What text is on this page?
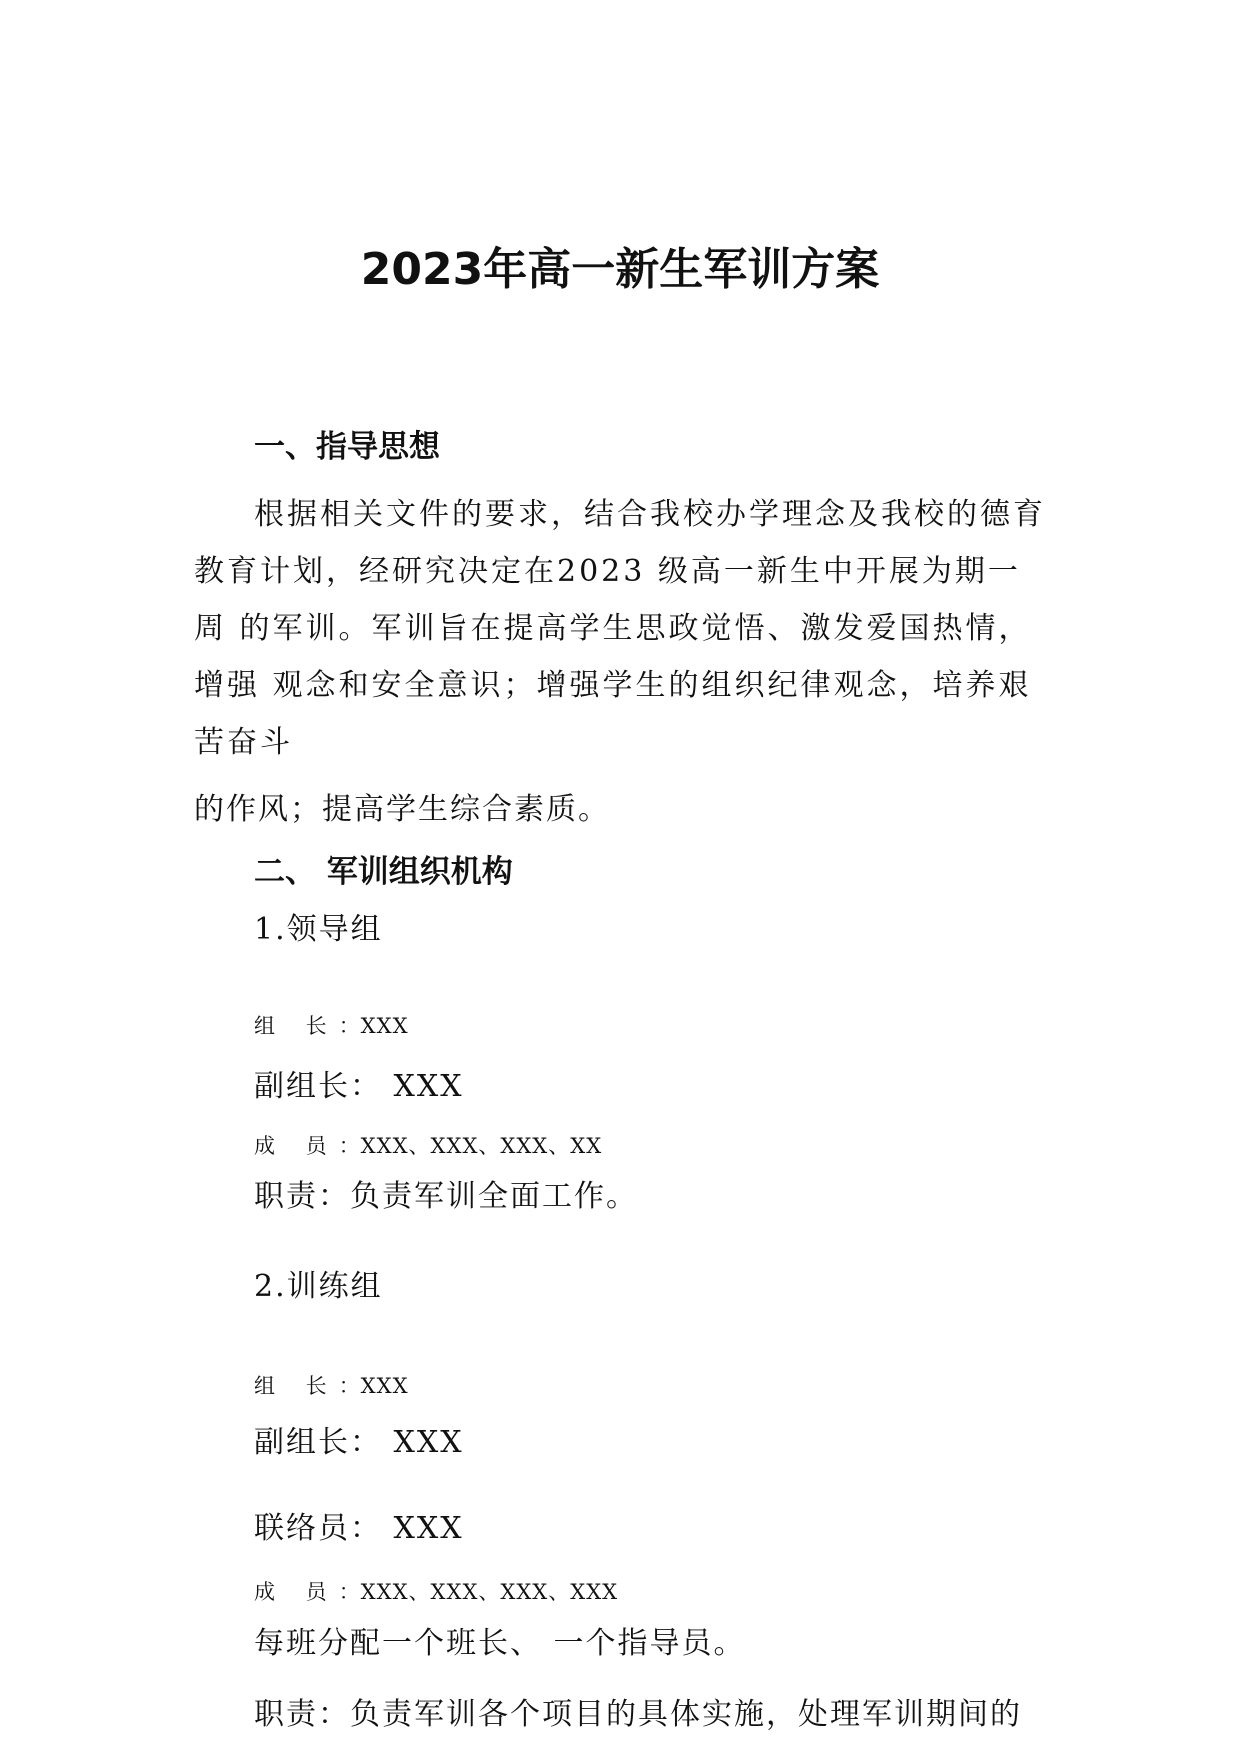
2023年高一新生军训方案
一、指导思想
根据相关文件的要求，结合我校办学理念及我校的德育
教育计划，经研究决定在2023 级高一新生中开展为期一
周 的军训。军训旨在提高学生思政觉悟、激发爱国热情，
增强 观念和安全意识；增强学生的组织纪律观念，培养艰
苦奋斗
的作风；提高学生综合素质。
二、 军训组织机构
1.领导组
组 长：XXX
副组长： XXX
成 员：XXX、XXX、XXX、XX
职责：负责军训全面工作。
2.训练组
组 长：XXX
副组长： XXX
联络员： XXX
成 员：XXX、XXX、XXX、XXX
每班分配一个班长、 一个指导员。
职责：负责军训各个项目的具体实施，处理军训期间的
